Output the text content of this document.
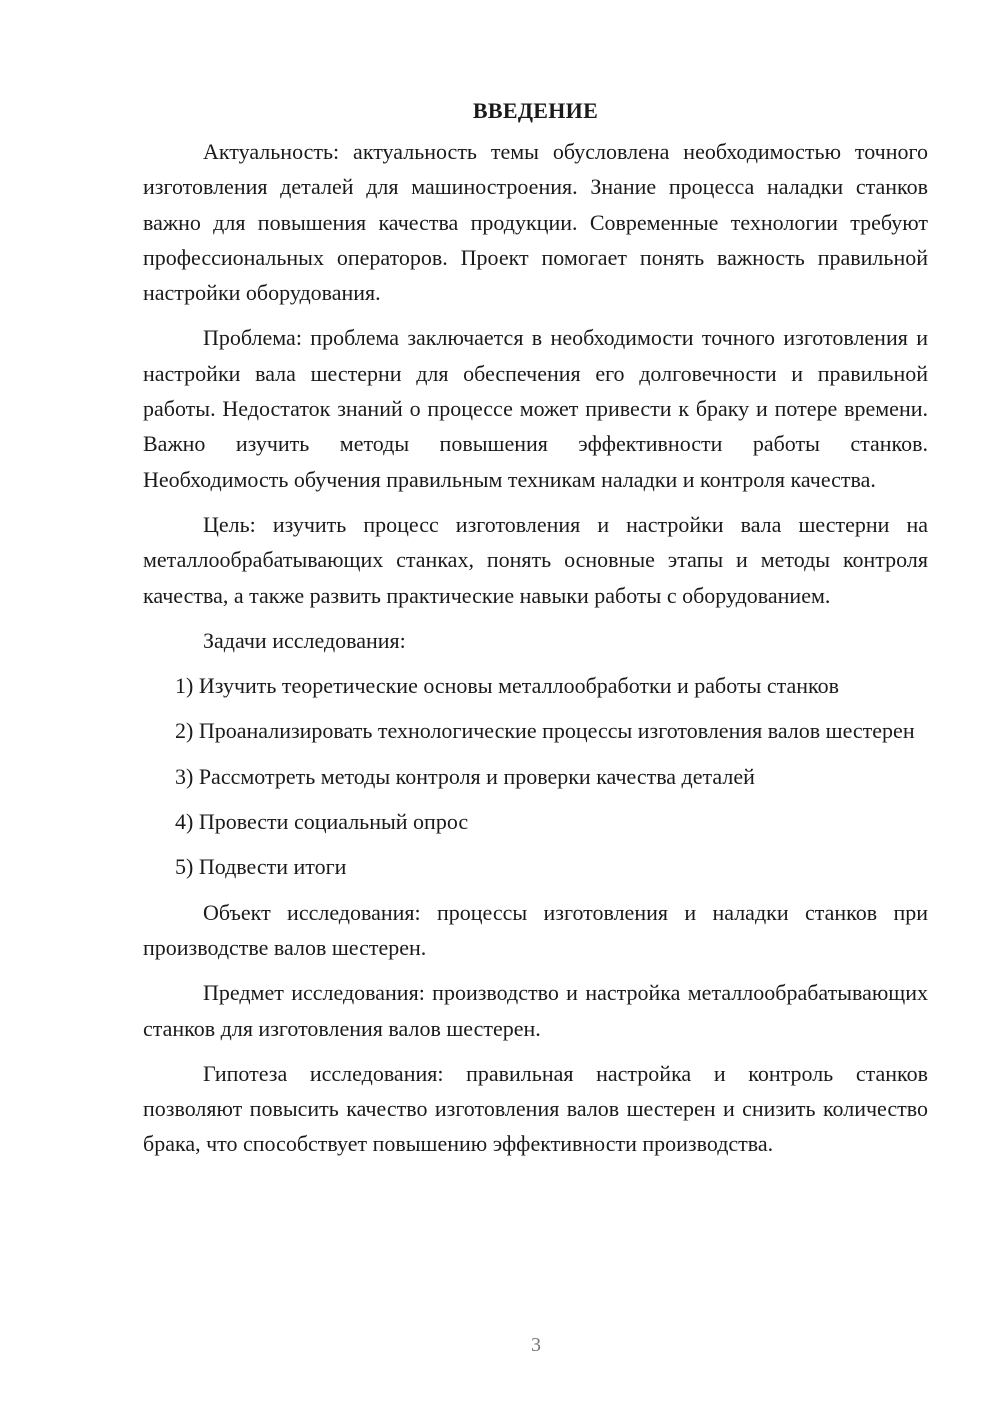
ВВЕДЕНИЕ

Актуальность: актуальность темы обусловлена необходимостью точного изготовления деталей для машиностроения. Знание процесса наладки станков важно для повышения качества продукции. Современные технологии требуют профессиональных операторов. Проект помогает понять важность правильной настройки оборудования.

Проблема: проблема заключается в необходимости точного изготовления и настройки вала шестерни для обеспечения его долговечности и правильной работы. Недостаток знаний о процессе может привести к браку и потере времени. Важно изучить методы повышения эффективности работы станков. Необходимость обучения правильным техникам наладки и контроля качества.

Цель: изучить процесс изготовления и настройки вала шестерни на металлообрабатывающих станках, понять основные этапы и методы контроля качества, а также развить практические навыки работы с оборудованием.

Задачи исследования:

1) Изучить теоретические основы металлообработки и работы станков

2) Проанализировать технологические процессы изготовления валов шестерен

3) Рассмотреть методы контроля и проверки качества деталей

4) Провести социальный опрос

5) Подвести итоги

Объект исследования: процессы изготовления и наладки станков при производстве валов шестерен.

Предмет исследования: производство и настройка металлообрабатывающих станков для изготовления валов шестерен.

Гипотеза исследования: правильная настройка и контроль станков позволяют повысить качество изготовления валов шестерен и снизить количество брака, что способствует повышению эффективности производства.

3
